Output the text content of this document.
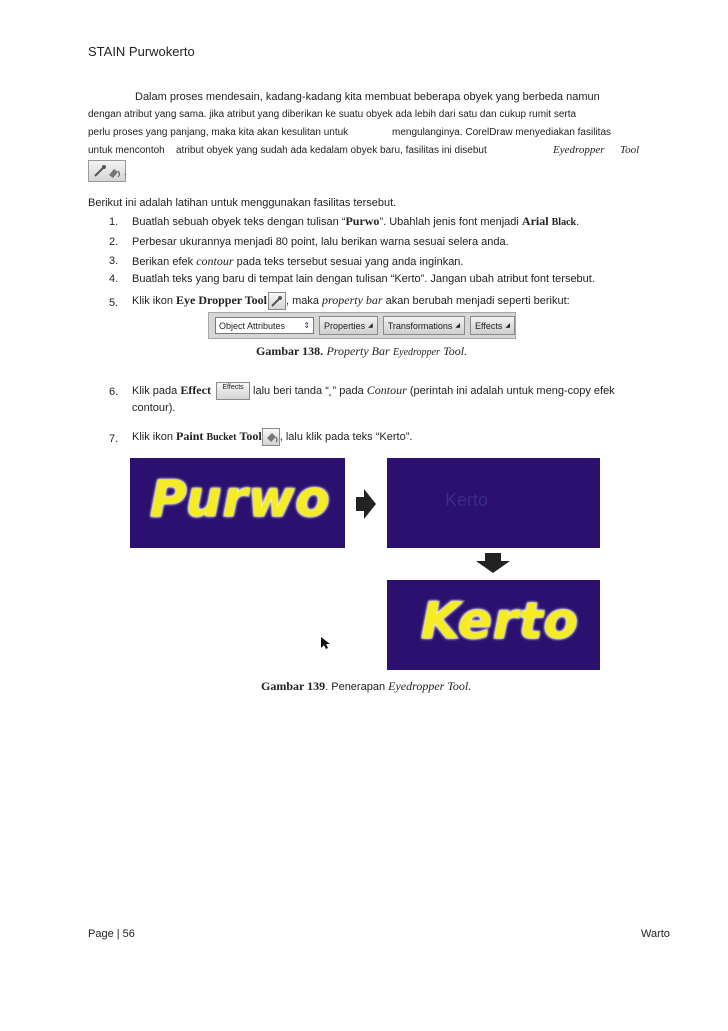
STAIN Purwokerto
Dalam proses mendesain, kadang-kadang kita membuat beberapa obyek yang berbeda namun
dengan atribut yang sama. jika atribut yang diberikan ke suatu obyek ada lebih dari satu dan cukup rumit serta
perlu proses yang panjang, maka kita akan kesulitan untuk	mengulanginya. CorelDraw menyediakan fasilitas
untuk mencontoh atribut obyek yang sudah ada kedalam obyek baru, fasilitas ini disebut	Eyedropper Tool
.
Berikut ini adalah latihan untuk menggunakan fasilitas tersebut.
1. Buatlah sebuah obyek teks dengan tulisan “Purwo”. Ubahlah jenis font menjadi Arial Black.
2. Perbesar ukurannya menjadi 80 point, lalu berikan warna sesuai selera anda.
3. Berikan efek contour pada teks tersebut sesuai yang anda inginkan.
4. Buatlah teks yang baru di tempat lain dengan tulisan “Kerto”. Jangan ubah atribut font tersebut.
5. Klik ikon Eye Dropper Tool , maka property bar akan berubah menjadi seperti berikut:
Object Attributes ⇕ Properties ◢ Transformations ◢ Effects ◢
Gambar 138. Property Bar Eyedropper Tool.
6. Klik pada Effect Effects lalu beri tanda “˛” pada Contour (perintah ini adalah untuk meng-copy efek
contour).
7. Klik ikon Paint Bucket Tool , lalu klik pada teks “Kerto”.
Purwo	Kerto
Kerto
Gambar 139. Penerapan Eyedropper Tool.
Page | 56	Warto
